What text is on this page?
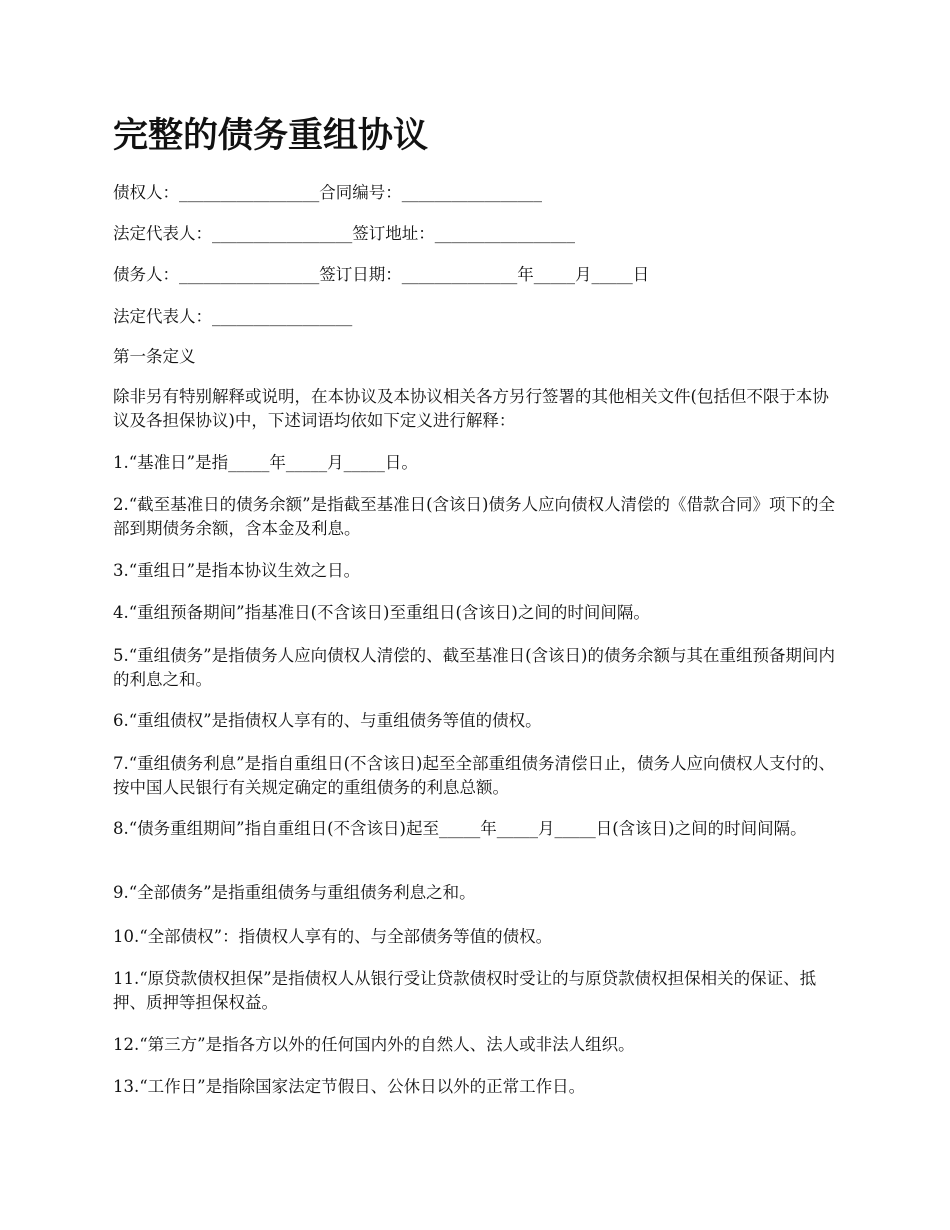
完整的债务重组协议

债权人：_________________合同编号：_________________

法定代表人：_________________签订地址：_________________

债务人：_________________签订日期：______________年_____月_____日

法定代表人：_________________

第一条定义

除非另有特别解释或说明，在本协议及本协议相关各方另行签署的其他相关文件(包括但不限于本协议及各担保协议)中，下述词语均依如下定义进行解释：

1.“基准日”是指_____年_____月_____日。

2.“截至基准日的债务余额”是指截至基准日(含该日)债务人应向债权人清偿的《借款合同》项下的全部到期债务余额，含本金及利息。

3.“重组日”是指本协议生效之日。

4.“重组预备期间”指基准日(不含该日)至重组日(含该日)之间的时间间隔。

5.“重组债务”是指债务人应向债权人清偿的、截至基准日(含该日)的债务余额与其在重组预备期间内的利息之和。

6.“重组债权”是指债权人享有的、与重组债务等值的债权。

7.“重组债务利息”是指自重组日(不含该日)起至全部重组债务清偿日止，债务人应向债权人支付的、按中国人民银行有关规定确定的重组债务的利息总额。

8.“债务重组期间”指自重组日(不含该日)起至_____年_____月_____日(含该日)之间的时间间隔。

9.“全部债务”是指重组债务与重组债务利息之和。

10.“全部债权”：指债权人享有的、与全部债务等值的债权。

11.“原贷款债权担保”是指债权人从银行受让贷款债权时受让的与原贷款债权担保相关的保证、抵押、质押等担保权益。

12.“第三方”是指各方以外的任何国内外的自然人、法人或非法人组织。

13.“工作日”是指除国家法定节假日、公休日以外的正常工作日。
